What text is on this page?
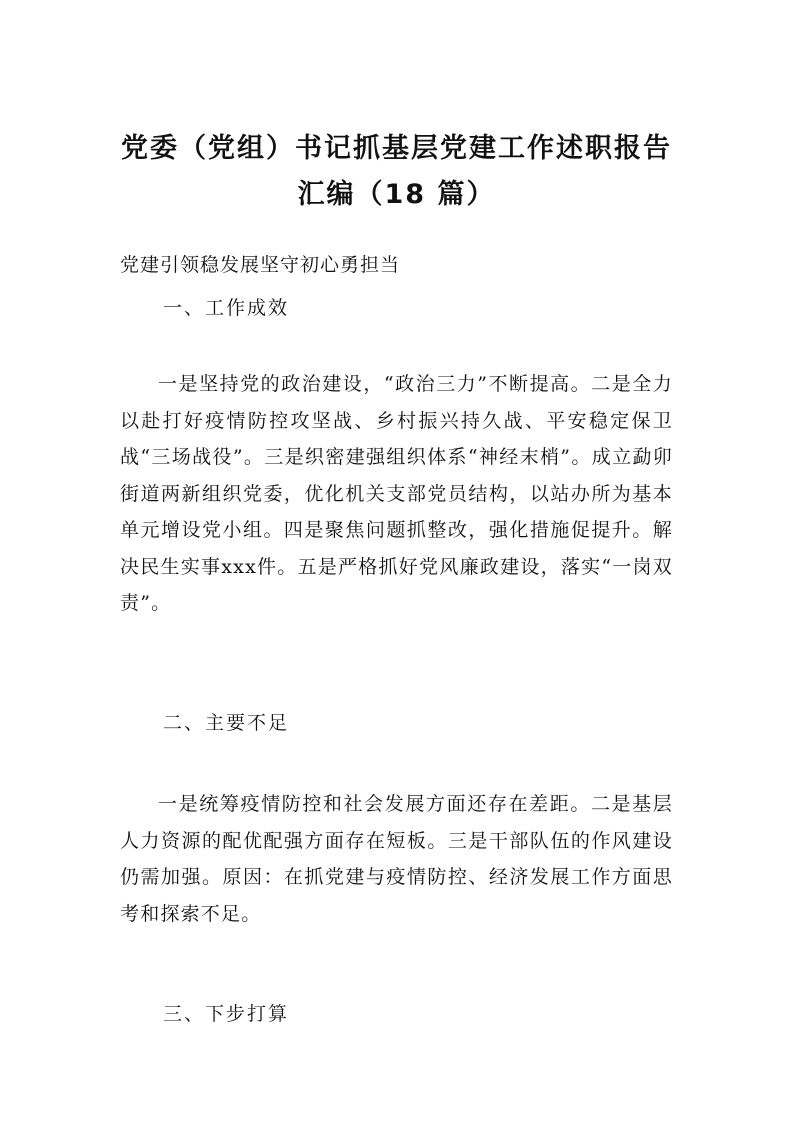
党委（党组）书记抓基层党建工作述职报告
汇编（18 篇）
党建引领稳发展坚守初心勇担当
一、工作成效

一是坚持党的政治建设，“政治三力”不断提高。二是全力以赴打好疫情防控攻坚战、乡村振兴持久战、平安稳定保卫战“三场战役”。三是织密建强组织体系“神经末梢”。成立勐卯街道两新组织党委，优化机关支部党员结构，以站办所为基本单元增设党小组。四是聚焦问题抓整改，强化措施促提升。解决民生实事xxx件。五是严格抓好党风廉政建设，落实“一岗双责”。

二、主要不足

一是统筹疫情防控和社会发展方面还存在差距。二是基层人力资源的配优配强方面存在短板。三是干部队伍的作风建设仍需加强。原因：在抓党建与疫情防控、经济发展工作方面思考和探索不足。

三、下步打算
